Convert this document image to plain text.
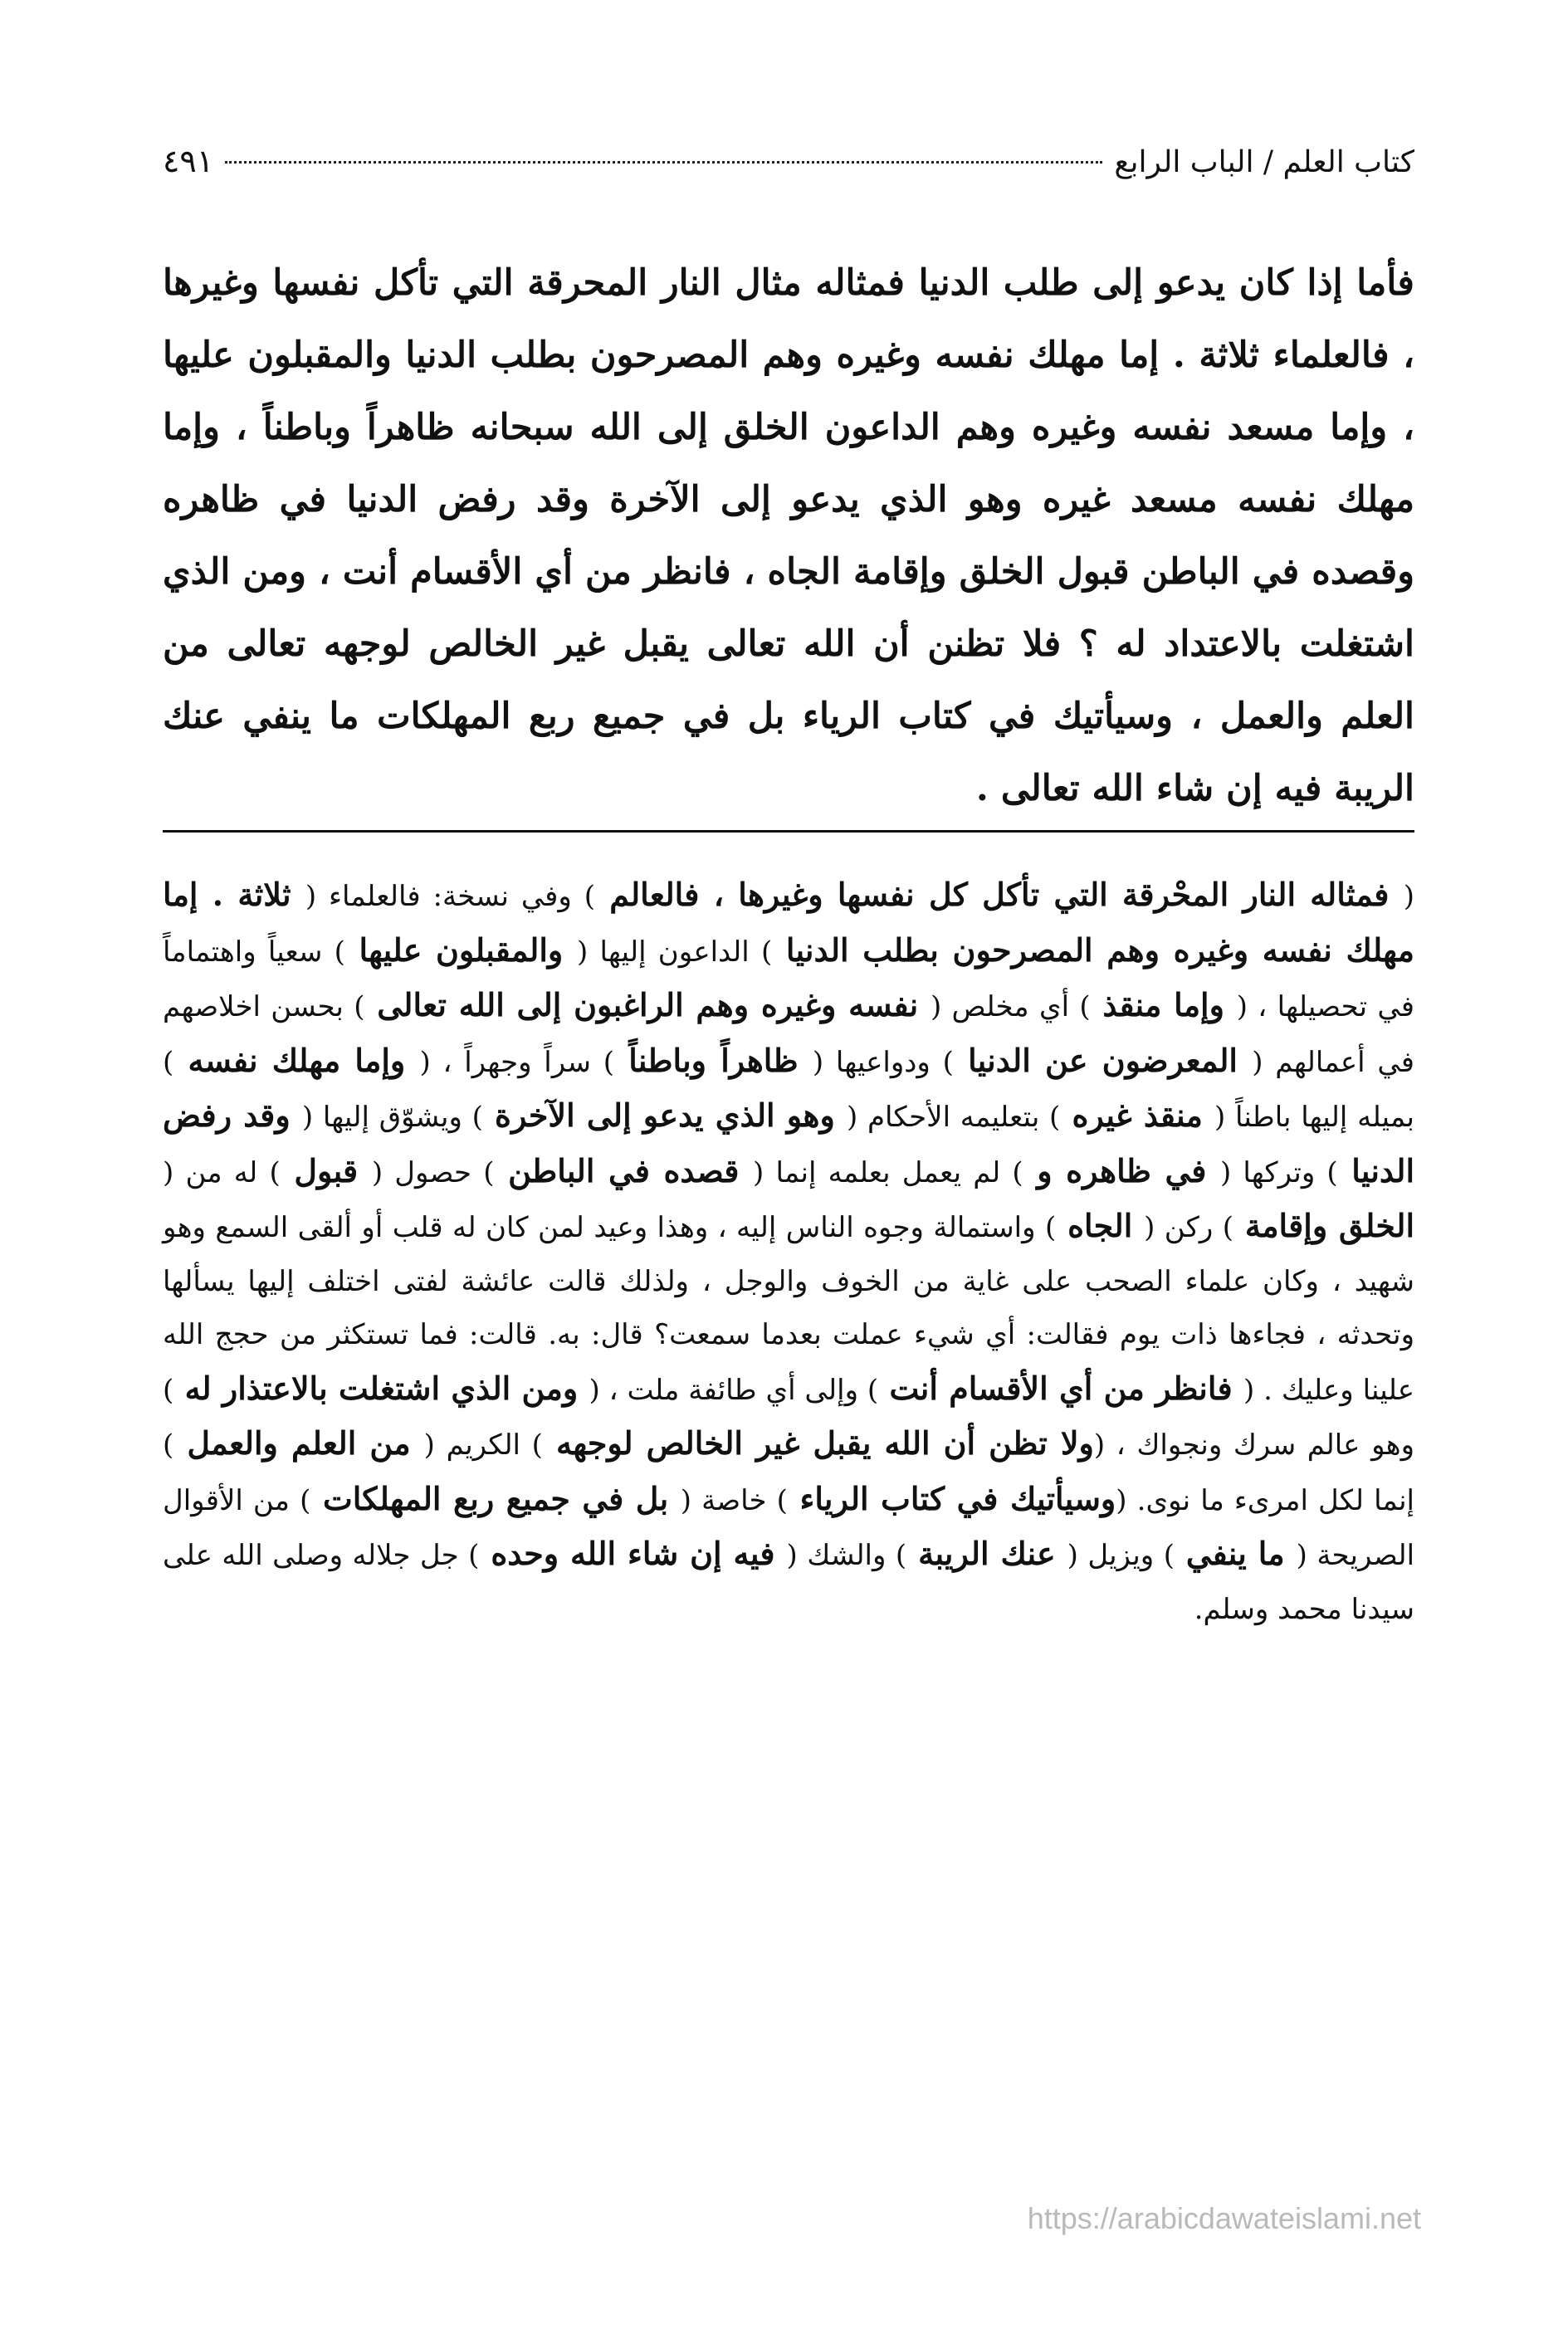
كتاب العلم / الباب الرابع
٤٩١
فأما إذا كان يدعو إلى طلب الدنيا فمثاله مثال النار المحرقة التي تأكل نفسها وغيرها ، فالعلماء ثلاثة . إما مهلك نفسه وغيره وهم المصرحون بطلب الدنيا والمقبلون عليها ، وإما مسعد نفسه وغيره وهم الداعون الخلق إلى الله سبحانه ظاهراً وباطناً ، وإما مهلك نفسه مسعد غيره وهو الذي يدعو إلى الآخرة وقد رفض الدنيا في ظاهره وقصده في الباطن قبول الخلق وإقامة الجاه ، فانظر من أي الأقسام أنت ، ومن الذي اشتغلت بالاعتداد له ؟ فلا تظنن أن الله تعالى يقبل غير الخالص لوجهه تعالى من العلم والعمل ، وسيأتيك في كتاب الرياء بل في جميع ربع المهلكات ما ينفي عنك الريبة فيه إن شاء الله تعالى .

( فمثاله النار المحْرقة التي تأكل كل نفسها وغيرها ، فالعالم ) وفي نسخة: فالعلماء ( ثلاثة . إما مهلك نفسه وغيره وهم المصرحون بطلب الدنيا ) الداعون إليها ( والمقبلون عليها ) سعياً واهتماماً في تحصيلها ، ( وإما منقذ ) أي مخلص ( نفسه وغيره وهم الراغبون إلى الله تعالى ) بحسن اخلاصهم في أعمالهم ( المعرضون عن الدنيا ) ودواعيها ( ظاهراً وباطناً ) سراً وجهراً ، ( وإما مهلك نفسه ) بميله إليها باطناً ( منقذ غيره ) بتعليمه الأحكام ( وهو الذي يدعو إلى الآخرة ) ويشوّق إليها ( وقد رفض الدنيا ) وتركها ( في ظاهره و ) لم يعمل بعلمه إنما ( قصده في الباطن ) حصول ( قبول ) له من ( الخلق وإقامة ) ركن ( الجاه ) واستمالة وجوه الناس إليه ، وهذا وعيد لمن كان له قلب أو ألقى السمع وهو شهيد ، وكان علماء الصحب على غاية من الخوف والوجل ، ولذلك قالت عائشة لفتى اختلف إليها يسألها وتحدثه ، فجاءها ذات يوم فقالت: أي شيء عملت بعدما سمعت؟ قال: به. قالت: فما تستكثر من حجج الله علينا وعليك . ( فانظر من أي الأقسام أنت ) وإلى أي طائفة ملت ، ( ومن الذي اشتغلت بالاعتذار له ) وهو عالم سرك ونجواك ، (ولا تظن أن الله يقبل غير الخالص لوجهه ) الكريم ( من العلم والعمل ) إنما لكل امرىء ما نوى. (وسيأتيك في كتاب الرياء ) خاصة ( بل في جميع ربع المهلكات ) من الأقوال الصريحة ( ما ينفي ) ويزيل ( عنك الريبة ) والشك ( فيه إن شاء الله وحده ) جل جلاله وصلى الله على سيدنا محمد وسلم.

https://arabicdawateislami.net
